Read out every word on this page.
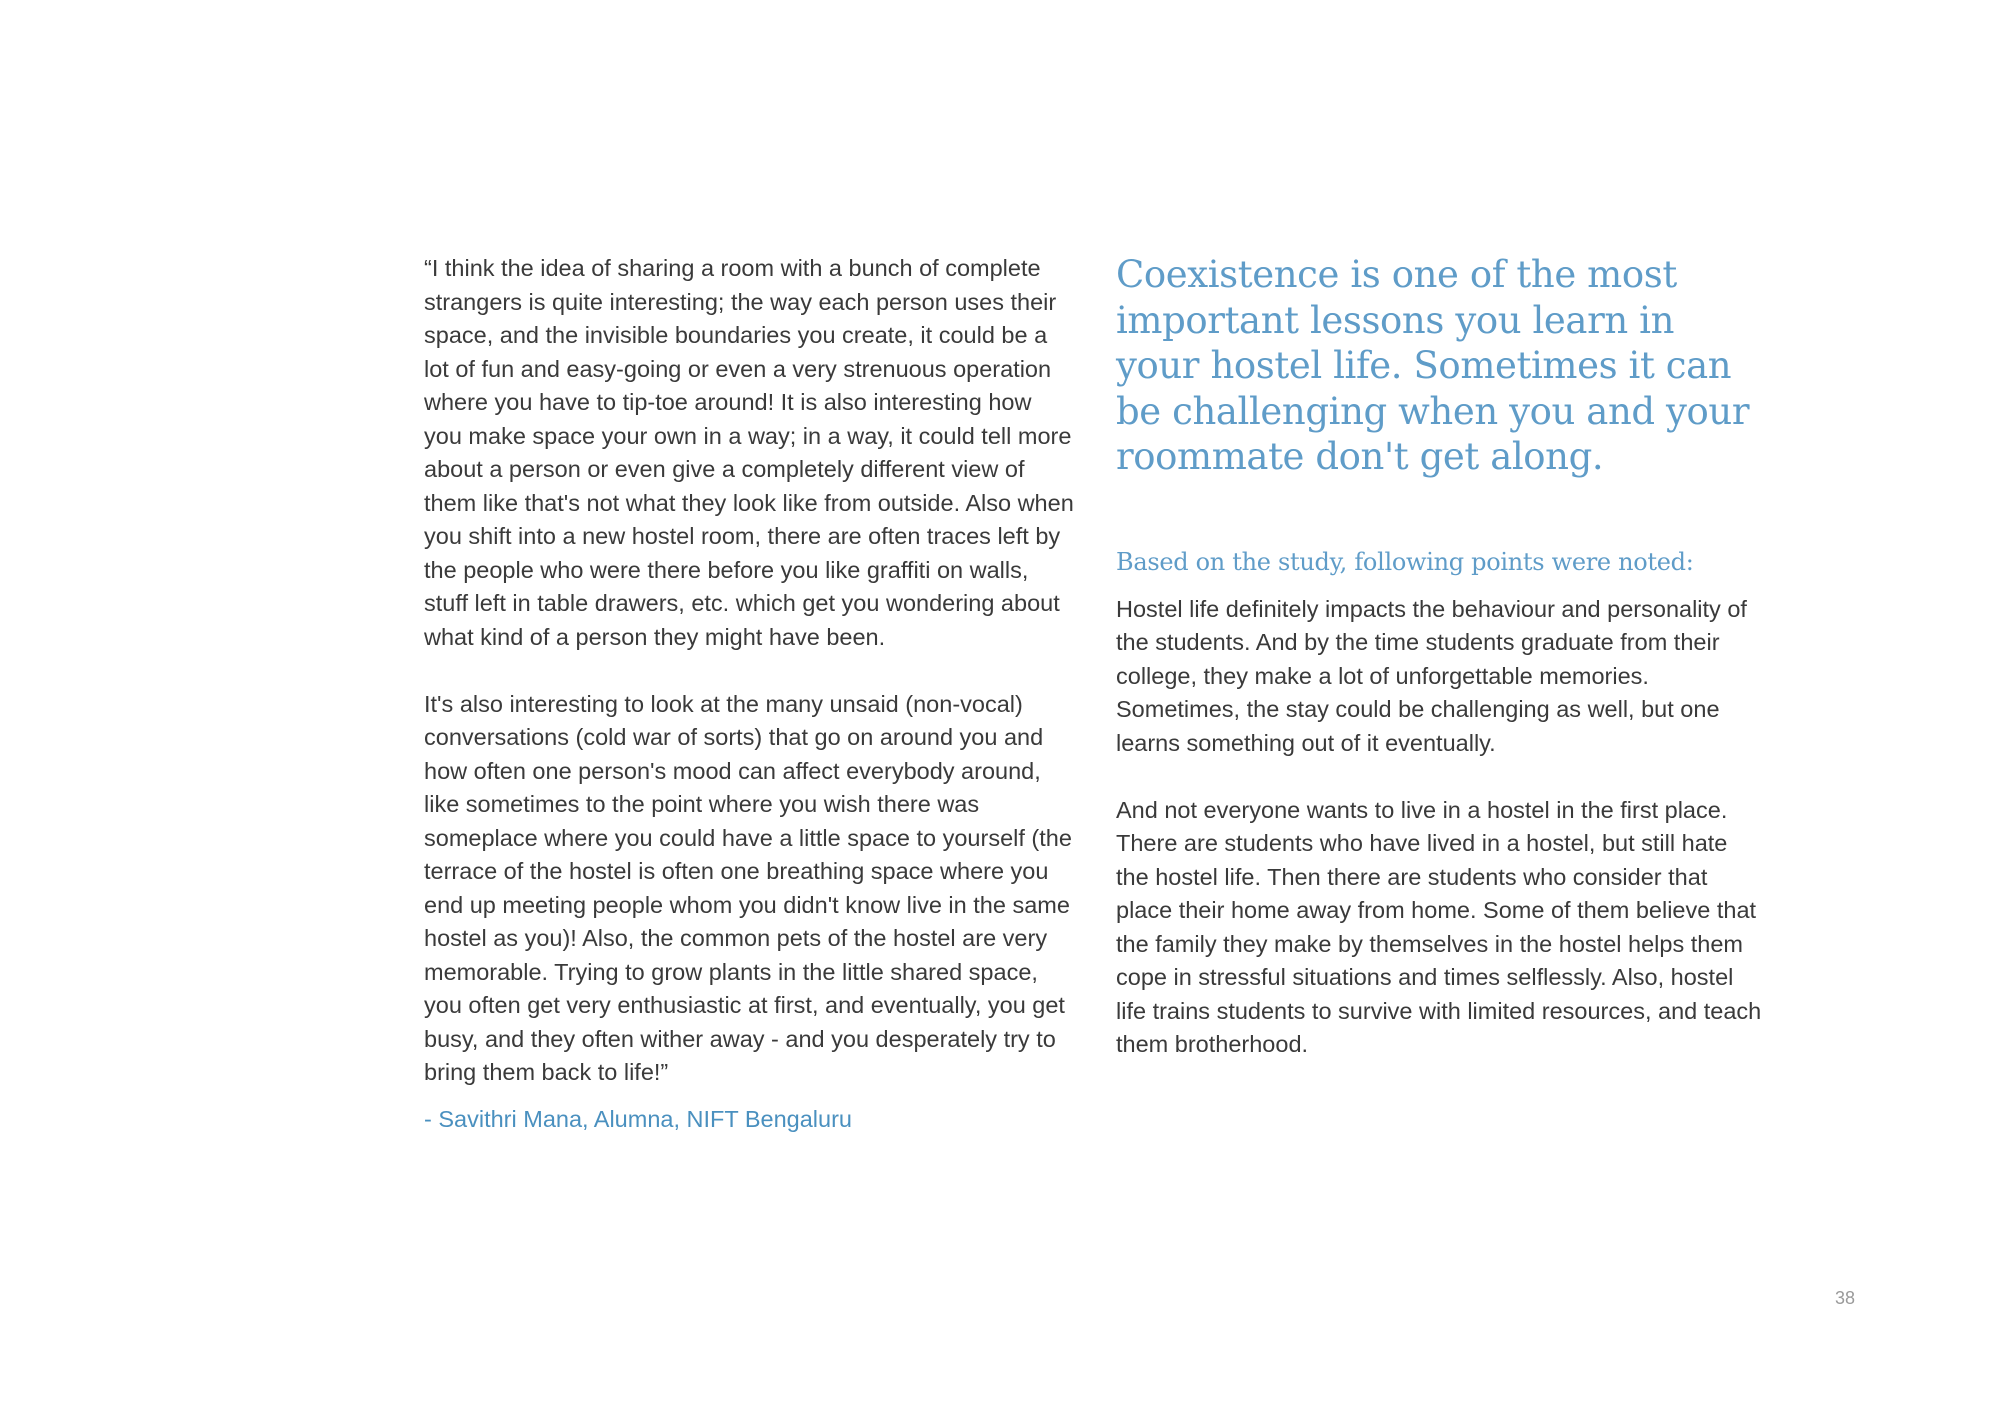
“I think the idea of sharing a room with a bunch of complete strangers is quite interesting; the way each person uses their space, and the invisible boundaries you create, it could be a lot of fun and easy-going or even a very strenuous operation where you have to tip-toe around! It is also interesting how you make space your own in a way; in a way, it could tell more about a person or even give a completely different view of them like that's not what they look like from outside. Also when you shift into a new hostel room, there are often traces left by the people who were there before you like graffiti on walls, stuff left in table drawers, etc. which get you wondering about what kind of a person they might have been.

It's also interesting to look at the many unsaid (non-vocal) conversations (cold war of sorts) that go on around you and how often one person's mood can affect everybody around, like sometimes to the point where you wish there was someplace where you could have a little space to yourself (the terrace of the hostel is often one breathing space where you end up meeting people whom you didn't know live in the same hostel as you)! Also, the common pets of the hostel are very memorable. Trying to grow plants in the little shared space, you often get very enthusiastic at first, and eventually, you get busy, and they often wither away - and you desperately try to bring them back to life!”

- Savithri Mana, Alumna, NIFT Bengaluru

Coexistence is one of the most important lessons you learn in your hostel life. Sometimes it can be challenging when you and your roommate don't get along.

Based on the study, following points were noted:

Hostel life definitely impacts the behaviour and personality of the students. And by the time students graduate from their college, they make a lot of unforgettable memories. Sometimes, the stay could be challenging as well, but one learns something out of it eventually.

And not everyone wants to live in a hostel in the first place. There are students who have lived in a hostel, but still hate the hostel life. Then there are students who consider that place their home away from home. Some of them believe that the family they make by themselves in the hostel helps them cope in stressful situations and times selflessly. Also, hostel life trains students to survive with limited resources, and teach them brotherhood.

38
